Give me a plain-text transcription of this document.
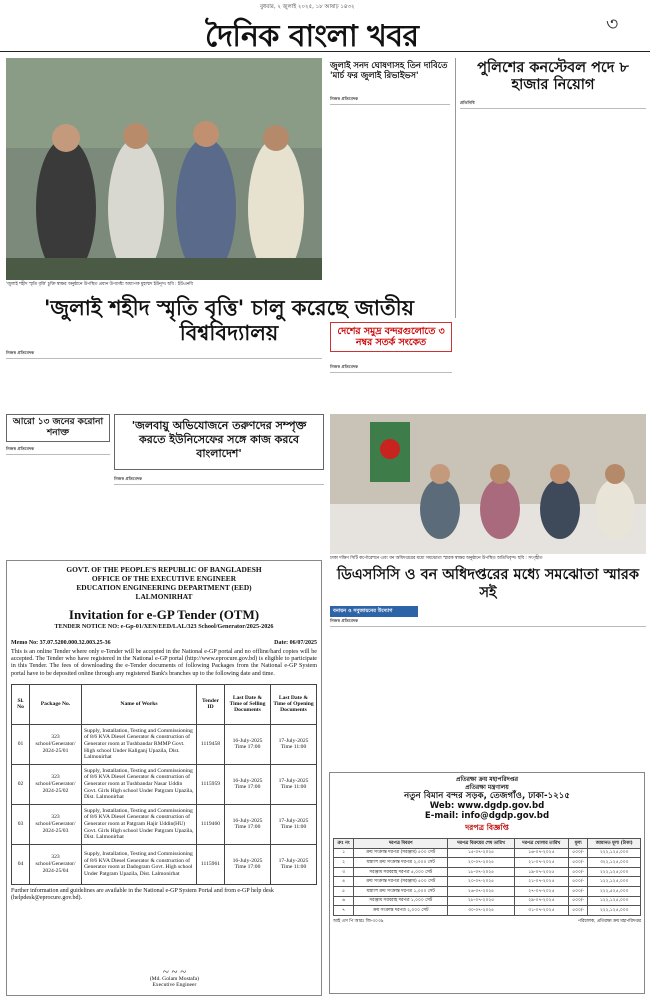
বুধবার, ২ জুলাই ২০২৫, ১৮ আষাঢ় ১৪৩২
দৈনিক বাংলা খবর	৩
'জুলাই শহীদ স্মৃতি বৃত্তি' চুক্তি স্বাক্ষর অনুষ্ঠানে উপস্থিত প্রধান উপদেষ্টা অধ্যাপক মুহাম্মদ ইউনূস। ছবি : ইউএনবি
জুলাই সনদ ঘোষণাসহ তিন দাবিতে 'মার্চ ফর জুলাই রিভাইভস'
নিজস্ব প্রতিবেদক
পুলিশের কনস্টেবল পদে ৮ হাজার নিয়োগ
প্রতিনিধি
'জুলাই শহীদ স্মৃতি বৃত্তি' চালু করেছে জাতীয় বিশ্ববিদ্যালয়
নিজস্ব প্রতিবেদক
দেশের সমুদ্র বন্দরগুলোতে ৩ নম্বর সতর্ক সংকেত
নিজস্ব প্রতিবেদক
আরো ১৩ জনের করোনা শনাক্ত
নিজস্ব প্রতিবেদক
'জলবায়ু অভিযোজনে তরুণদের সম্পৃক্ত করতে ইউনিসেফের সঙ্গে কাজ করবে বাংলাদেশ'
নিজস্ব প্রতিবেদক
ঢাকা দক্ষিণ সিটি কর্পোরেশনে এবং বন অধিদপ্তরের মধ্যে সমঝোতা স্মারক স্বাক্ষর অনুষ্ঠানে উপস্থিত অতিথিবৃন্দ। ছবি : সংগৃহীত
ডিএসসিসি ও বন অধিদপ্তরের মধ্যে সমঝোতা স্মারক সই
বনায়ন ও সবুজায়নের উদ্যোগ
নিজস্ব প্রতিবেদক
GOVT. OF THE PEOPLE'S REPUBLIC OF BANGLADESH
OFFICE OF THE EXECUTIVE ENGINEER
EDUCATION ENGINEERING DEPARTMENT (EED)
LALMONIRHAT
Invitation for e-GP Tender (OTM)
TENDER NOTICE NO: e-Gp-01/XEN/EED/LAL/323 School/Generator/2025-2026
Memo No: 37.07.5200.000.32.003.25-36	Date: 06/07/2025
This is an online Tender where only e-Tender will be accepted in the National e-GP portal and no offline/hard copies will be accepted. The Tender who have registered in the National e-GP portal (http://www.eprocure.gov.bd) is eligible to participate in this Tender. The fees of downloading the e-Tender documents of following Packages from the National e-GP System portal have to be deposited online through any registered Bank's branches up to the following date and time.
Sl. No	Package No.	Name of Works	Tender ID	Last Date & Time of Selling Documents	Last Date & Time of Opening Documents
01	323 school/Generator/ 2024-25/01	Supply, Installation, Testing and Commissioning of 8/6 KVA Diesel Generator & construction of Generator room at Tushbandar RMMP Govt. High school Under Kaliganj Upazila, Dist. Lalmonirhat	1119458	16-July-2025 Time 17:00	17-July-2025 Time 11:00
02	323 school/Generator/ 2024-25/02	Supply, Installation, Testing and Commissioning of 8/6 KVA Diesel Generator & construction of Generator room at Tushbandar Nasar Uddin Govt. Girls High school Under Patgram Upazila, Dist. Lalmonirhat	1115959	16-July-2025 Time 17:00	17-July-2025 Time 11:00
03	323 school/Generator/ 2024-25/03	Supply, Installation, Testing and Commissioning of 8/6 KVA Diesel Generator & construction of Generator room at Patgram Hajir Uddin(HU) Govt. Girls High school Under Patgram Upazila, Dist. Lalmonirhat	1119460	16-July-2025 Time 17:00	17-July-2025 Time 11:00
04	323 school/Generator/ 2024-25/04	Supply, Installation, Testing and Commissioning of 8/6 KVA Diesel Generator & construction of Generator room at Dadogram Govt. High school Under Patgram Upazila, Dist. Lalmonirhat	1115961	16-July-2025 Time 17:00	17-July-2025 Time 11:00
Further information and guidelines are available in the National e-GP System Portal and from e-GP help desk (helpdesk@eprocure.gov.bd).
~ ~ ~
(Md. Golam Mostafa)
Executive Engineer
প্রতিরক্ষা ক্রয় মহাপরিদপ্তর
প্রতিরক্ষা মন্ত্রণালয়
নতুন বিমান বন্দর সড়ক, তেজগাঁও, ঢাকা-১২১৫
Web: www.dgdp.gov.bd
E-mail: info@dgdp.gov.bd
দরপত্র বিজ্ঞপ্তি
ক্রঃ নং	দরপত্র বিবরণ	দরপত্র বিক্রয়ের শেষ তারিখ	দরপত্র খোলার তারিখ	মূল্য	জামানত মূল্য (টাকা)
১	ক্রয় সংক্রান্ত দরপত্র (সরঞ্জাম) ৫০০ সেট	১৫-০৭-২০২৫	১৬-০৭-২০২৫	৫০০/-	২২২,১২৫,০০০
২	যন্ত্রাংশ ক্রয় সংক্রান্ত দরপত্র ২,০০০ সেট	২০-০৭-২০২৫	২১-০৭-২০২৫	৫০০/-	৩২২,১২৫,০০০
৩	সরঞ্জাম সরবরাহ দরপত্র ৫,০০০ সেট	১৮-০৭-২০২৫	১৯-০৭-২০২৫	৫০০/-	২২২,১২৫,০০০
৪	ক্রয় সংক্রান্ত দরপত্র (সরঞ্জাম) ৫০০ সেট	২০-০৭-২০২৫	২১-০৭-২০২৫	৫০০/-	১২২,১২৫,০০০
৫	যন্ত্রাংশ ক্রয় সংক্রান্ত দরপত্র ১,০০০ সেট	২৬-০৭-২০২৫	২৭-০৭-২০২৫	৫০০/-	২২২,৫২৫,০০০
৬	সরঞ্জাম সরবরাহ দরপত্র ১,০০০ সেট	২৮-০৭-২০২৫	২৯-০৭-২০২৫	৫০০/-	১২২,১২৫,০০০
৭	ক্রয় সংক্রান্ত দরপত্র ২,০০০ সেট	৩০-০৭-২০২৫	৩১-০৭-২০২৫	৫০০/-	২২২,১২৫,০০০
আই এস পি আরঃ জি-৩০৩৯	পরিচালক, প্রতিরক্ষা ক্রয় মহাপরিদপ্তর
